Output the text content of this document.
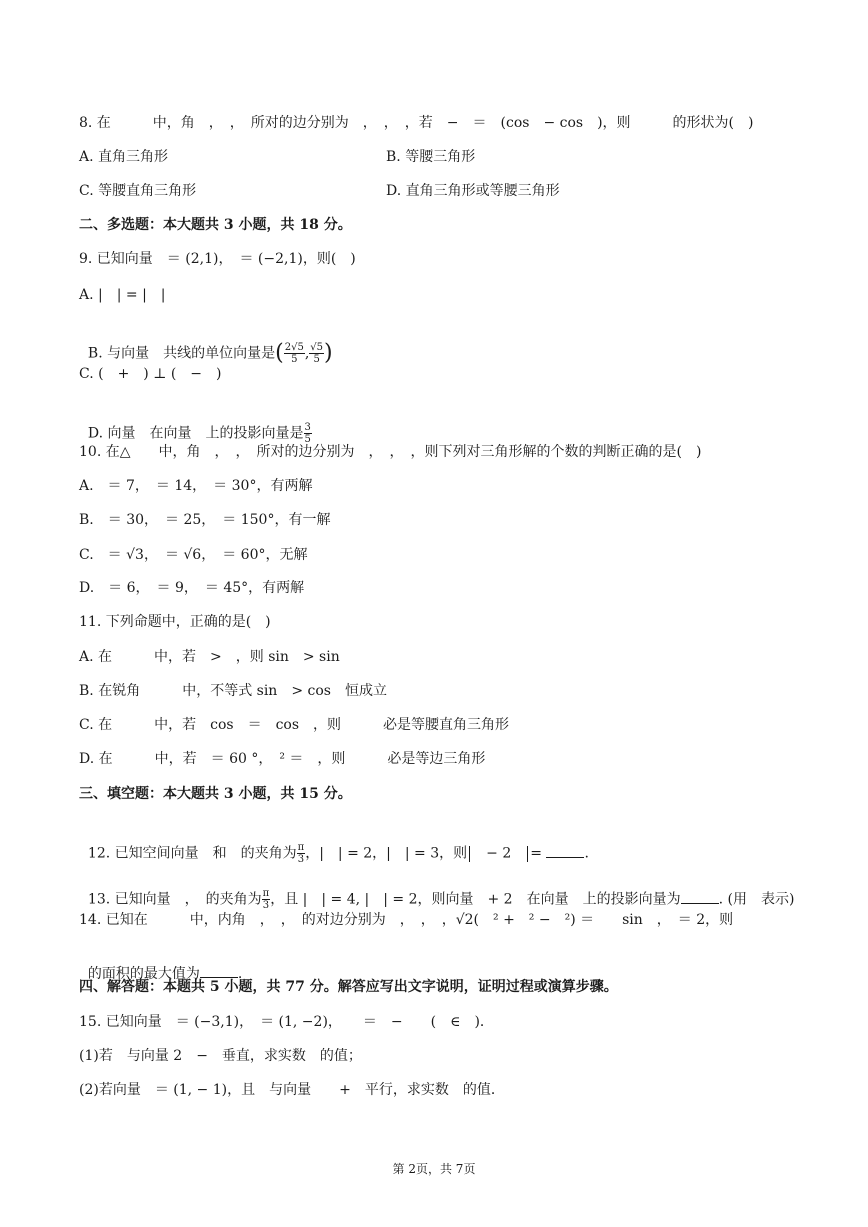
8. 在　　　中，角　，　，　所对的边分别为　，　，　，若　−　＝　(cos　− cos　)，则　　　的形状为(　)
A. 直角三角形	B. 等腰三角形
C. 等腰直角三角形	D. 直角三角形或等腰三角形
二、多选题：本大题共 3 小题，共 18 分。
9. 已知向量　＝ (2,1)，　＝ (−2,1)，则(　)
A. |　| = |　|

B. 与向量　共线的单位向量是( $\frac{2√5}{5}$ , $\frac{√5}{5}$ )

C. (　+　) ⊥ (　−　)

D. 向量　在向量　上的投影向量是 $\frac{3}{5}$

10. 在△　　中，角　，　，　所对的边分别为　，　，　，则下列对三角形解的个数的判断正确的是(　)
A.　＝ 7，　＝ 14，　＝ 30°，有两解
B.　＝ 30，　＝ 25，　＝ 150°，有一解
C.　＝ √3，　＝ √6，　＝ 60°，无解
D.　＝ 6，　＝ 9，　＝ 45°，有两解
11. 下列命题中，正确的是(　)
A. 在　　　中，若　>　，则 sin　> sin
B. 在锐角　　　中，不等式 sin　> cos　恒成立
C. 在　　　中，若　cos　＝　cos　，则　　　必是等腰直角三角形
D. 在　　　中，若　＝ 60 °，　² ＝　，则　　　必是等边三角形
三、填空题：本大题共 3 小题，共 15 分。

12. 已知空间向量　和　的夹角为 $\frac{\pi}{3}$ ，|　| = 2，|　| = 3，则　− 2　=	.

13. 已知向量　，　的夹角为 $\frac{\pi}{3}$ ，且 |　| = 4, |　| = 2，则向量　+ 2　在向量　上的投影向量为	. (用　表示)

14. 已知在　　　中，内角　，　，　的对边分别为　，　，　，√2(　² +　² −　²) ＝　　sin　，　＝ 2，则

的面积的最大值为	.

四、解答题：本题共 5 小题，共 77 分。解答应写出文字说明，证明过程或演算步骤。
15. 已知向量　＝ (−3,1)，　＝ (1, −2)，　　＝　−　　(　∈　)．
(1)若　与向量 2　−　垂直，求实数　的值；
(2)若向量　＝ (1, − 1)，且　与向量　　+　平行，求实数　的值．
第 2页，共 7页
